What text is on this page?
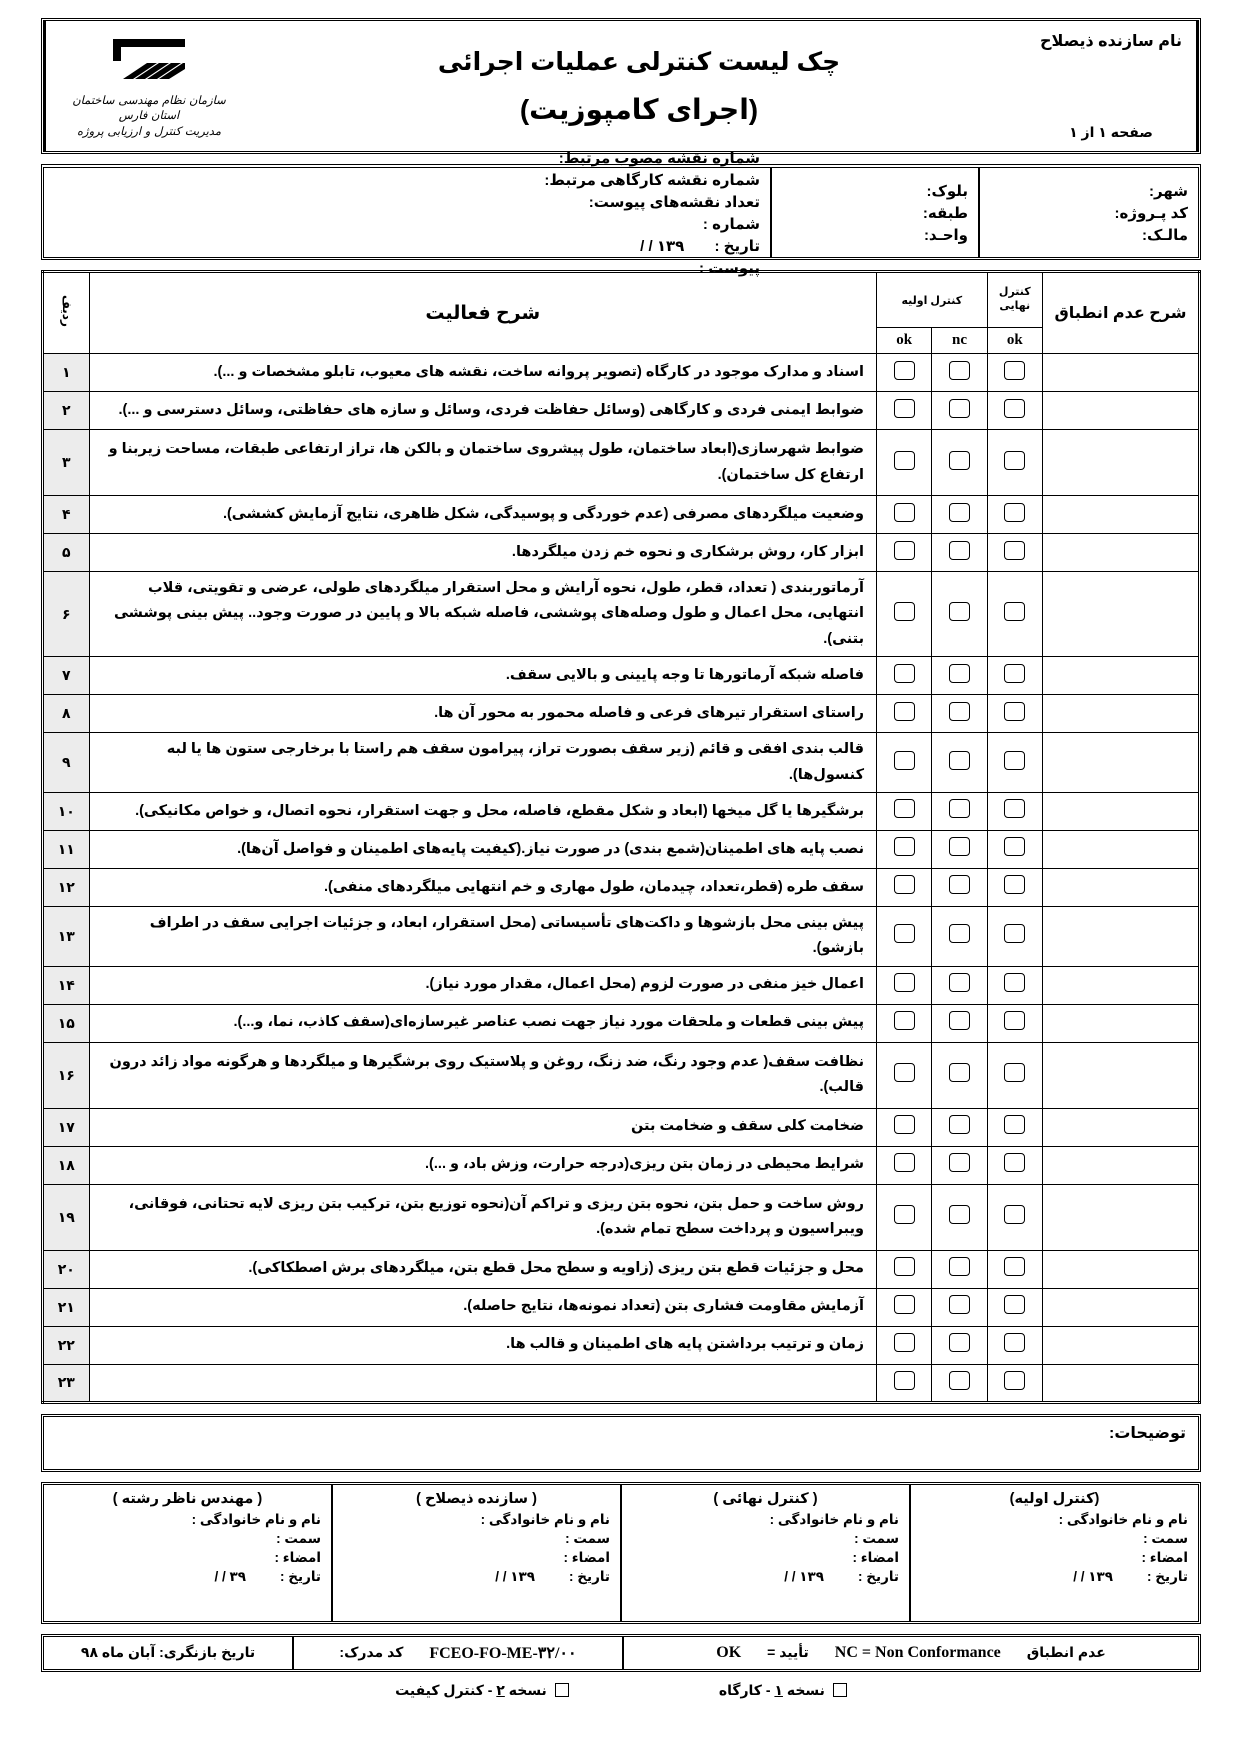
نام سازنده ذیصلاح
صفحه ۱ از ۱
چک لیست کنترلی عملیات اجرائی
(اجرای کامپوزیت)
سازمان نظام مهندسی ساختمان
استان فارس
مدیریت کنترل و ارزیابی پروژه
شهر:
کد پـروژه:
مالـک:
بلوک:
طبقه:
واحـد:
شماره نقشه مصوب مرتبط:
شماره نقشه کارگاهی مرتبط:
تعداد نقشه‌های پیوست:
شماره :
تاریخ : ۱۳۹ / /
پیوست :
شرح عدم انطباق	کنترل
نهایی	کنترل اولیه		شرح فعالیت	ردیف
	ok	nc	ok		
				اسناد و مدارک موجود در کارگاه (تصویر پروانه ساخت، نقشه های معیوب، تابلو مشخصات و ...).	۱
				ضوابط ایمنی فردی و کارگاهی (وسائل حفاظت فردی، وسائل و سازه های حفاظتی، وسائل دسترسی و ...).	۲
				ضوابط شهرسازی(ابعاد ساختمان، طول پیشروی ساختمان و بالکن ها، تراز ارتفاعی طبقات، مساحت زیربنا و ارتفاع کل ساختمان).	۳
				وضعیت میلگردهای مصرفی (عدم خوردگی و پوسیدگی، شکل ظاهری، نتایج آزمایش کششی).	۴
				ابزار کار، روش برشکاری و نحوه خم زدن میلگردها.	۵
				آرماتوربندی ( تعداد، قطر، طول، نحوه آرایش و محل استقرار میلگردهای طولی، عرضی و تقویتی، قلاب انتهایی، محل اعمال و طول وصله‌های پوششی، فاصله شبکه بالا و پایین در صورت وجود.. پیش بینی پوششی بتنی).	۶
				فاصله شبکه آرماتورها تا وجه پایینی و بالایی سقف.	۷
				راستای استقرار تیرهای فرعی و فاصله محمور به محور آن ها.	۸
				قالب بندی افقی و قائم (زیر سقف بصورت تراز، پیرامون سقف هم راستا با برخارجی ستون ها یا لبه کنسول‌ها).	۹
				برشگیرها یا گل میخها (ابعاد و شکل مقطع، فاصله، محل و جهت استقرار، نحوه اتصال، و خواص مکانیکی).	۱۰
				نصب پایه های اطمینان(شمع بندی) در صورت نیاز.(کیفیت پایه‌های اطمینان و فواصل آن‌ها).	۱۱
				سقف طره (قطر،تعداد، چیدمان، طول مهاری و خم انتهایی میلگردهای منفی).	۱۲
				پیش بینی محل بازشوها و داکت‌های تأسیساتی (محل استقرار، ابعاد، و جزئیات اجرایی سقف در اطراف بازشو).	۱۳
				اعمال خیز منفی در صورت لزوم (محل اعمال، مقدار مورد نیاز).	۱۴
				پیش بینی قطعات و ملحقات مورد نیاز جهت نصب عناصر غیرسازه‌ای(سقف کاذب، نما، و...).	۱۵
				نظافت سقف( عدم وجود رنگ، ضد زنگ، روغن و پلاستیک روی برشگیرها و میلگردها و هرگونه مواد زائد درون قالب).	۱۶
				ضخامت کلی سقف و ضخامت بتن	۱۷
				شرایط محیطی در زمان بتن ریزی(درجه حرارت، وزش باد، و ...).	۱۸
				روش ساخت و حمل بتن، نحوه بتن ریزی و تراکم آن(نحوه توزیع بتن، ترکیب بتن ریزی لایه تحتانی، فوقانی، ویبراسیون و پرداخت سطح تمام شده).	۱۹
				محل و جزئیات قطع بتن ریزی (زاویه و سطح محل قطع بتن، میلگردهای برش اصطکاکی).	۲۰
				آزمایش مقاومت فشاری بتن (تعداد نمونه‌ها، نتایج حاصله).	۲۱
				زمان و ترتیب برداشتن پایه های اطمینان و قالب ها.	۲۲
					۲۳
توضیحات:
(کنترل اولیه)
نام و نام خانوادگی :
سمت :
امضاء :
تاریخ :۱۳۹ / /
( کنترل نهائی )
نام و نام خانوادگی :
سمت :
امضاء :
تاریخ :۱۳۹ / /
( سازنده ذیصلاح )
نام و نام خانوادگی :
سمت :
امضاء :
تاریخ :۱۳۹ / /
( مهندس ناظر رشته )
نام و نام خانوادگی :
سمت :
امضاء :
تاریخ :۳۹ / /
عدم انطباق
NC = Non Conformance
تأیید =
OK
FCEO-FO-ME-۳۲/۰۰
کد مدرک:
تاریخ بازنگری: آبان ماه ۹۸
نسخه ۱ - کارگاه
نسخه ۲ - کنترل کیفیت
